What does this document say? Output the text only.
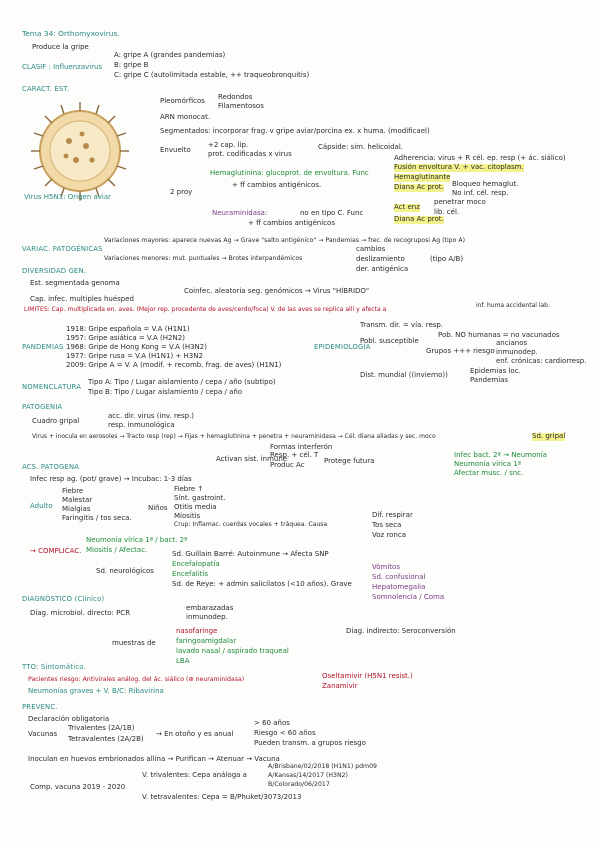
Tema 34: Orthomyxovirus.
Produce la gripe
CLASIF : Influenzavirus
A: gripe A (grandes pandemias)
B: gripe B
C: gripe C (autolimitada estable, ++ traqueobronquitis)
CARACT. EST.
Pleomórficos Redondos
Filamentosos
ARN monocat.
Segmentados: incorporar frag. v gripe aviar/porcina ex. x huma. (modificael)
Envuelto
+2 cap. lip.
prot. codificadas x virus
Cápside: sim. helicoidal.
2 proy
Hemaglutinina: glucoprot. de envoltura. Func
+ ff cambios antigénicos.
Adherencia: virus + R cél. ep. resp (+ ác. siálico)
Fusión envoltura V. + vac. citoplasm.
Hemaglutinante
Diana Ac prot. Bloqueo hemaglut.
No inf. cél. resp.
Neuraminidasa:	no en tipo C. Func
+ ff cambios antigénicos
Act enz
Diana Ac prot.
penetrar moco
lib. cél.
Virus H5N1: Origen aviar
VARIAC. PATOGÉNICAS
Variaciones mayores: aparece nuevas Ag → Grave "salto antigénico" → Pandemias → frec. de recogruposi Ag (tipo A)
Variaciones menores: mut. puntuales → Brotes interpandémicos
cambios
deslizamiento
der. antigénica
(tipo A/B)
DIVERSIDAD GEN.
Est. segmentada genoma
Coinfec. aleatoria seg. genómicos → Virus "HÍBRIDO"
Cap. infec. multiples huésped
LIMITES: Cap. multiplicada en. aves. (Mejor rep. procedente de aves/cerdo/foca) V. de las aves se replica allí y afecta a
inf. huma accidental lab.
PANDEMIAS
1918: Gripe española = V.A (H1N1)
1957: Gripe asiática = V.A (H2N2)
1968: Gripe de Hong Kong = V.A (H3N2)
1977: Gripe rusa = V.A (H1N1) + H3N2
2009: Gripe A = V. A (modif. + recomb. frag. de aves) (H1N1)
EPIDEMIOLOGÍA
Transm. dir. = vía. resp.
Pobl. susceptible
Pob. NO humanas = no vacunados
Grupos +++ riesgo
ancianos
inmunodep.
enf. crónicas: cardiorresp.
Dist. mundial ((invierno))	Epidemias loc.
Pandemias
NOMENCLATURA
Tipo A: Tipo / Lugar aislamiento / cepa / año (subtipo)
Tipo B: Tipo / Lugar aislamiento / cepa / año
PATOGENIA
Cuadro gripal
acc. dir. virus (inv. resp.)
resp. inmunológica
Virus + inocula en aerosoles → Tracto resp (rep) → Fijas + hemaglutinina + penetra + neuraminidasa → Cél. diana aliadas y sec. moco	Sd. gripal
Formas interferón
Activan sist. inmune
Resp. + cél. T
Produc Ac	Protege futura
Infec bact. 2ª → Neumonía
Neumonía vírica 1ª
Afectar musc. / snc.
ACS. PATOGENA
Infec resp ag. (pot/ grave) → Incubac: 1-3 días
Adulto
Fiebre
Malestar
Mialgias
Faringitis / tos seca.
Niños
Fiebre ↑
Sínt. gastroint.
Otitis media
Miositis
Crup: Inflamac. cuerdas vocales + tráquea. Causa
Dif. respirar
Tos seca
Voz ronca
→ COMPLICAC.
Neumonía vírica 1ª / bact. 2ª
Miositis / Afectac.
Sd. neurológicos
Sd. Guillain Barré: Autoinmune → Afecta SNP
Encefalopatía
Encefalitis
Sd. de Reye: + admin salicilatos (<10 años). Grave
Vómitos
Sd. confusional
Hepatomegalia
Somnolencia / Coma
DIAGNÓSTICO (Clínico)
Diag. microbiol. directo: PCR
embarazadas
inmunodep.
muestras de
nasofaringe
faringoamigdalar
lavado nasal / aspirado traqueal
LBA
Diag. indirecto: Seroconversión
TTO: Sintomático.
Pacientes riesgo: Antivirales análog. del ác. siálico (⊕ neuraminidasa)	Oseltamivir (H5N1 resist.)
Zanamivir
Neumonías graves + V. B/C: Ribavirina
PREVENC.
Declaración obligatoria
Vacunas
Trivalentes (2A/1B)
Tetravalentes (2A/2B)
→ En otoño y es anual
> 60 años
Riesgo < 60 años
Pueden transm. a grupos riesgo
Inoculan en huevos embrionados allína → Purifican → Atenuar → Vacuna
Comp. vacuna 2019 - 2020
V. trivalentes: Cepa análoga a
A/Brisbane/02/2018 (H1N1) pdm09
A/Kansas/14/2017 (H3N2)
B/Colorado/06/2017
V. tetravalentes: Cepa = B/Phuket/3073/2013
